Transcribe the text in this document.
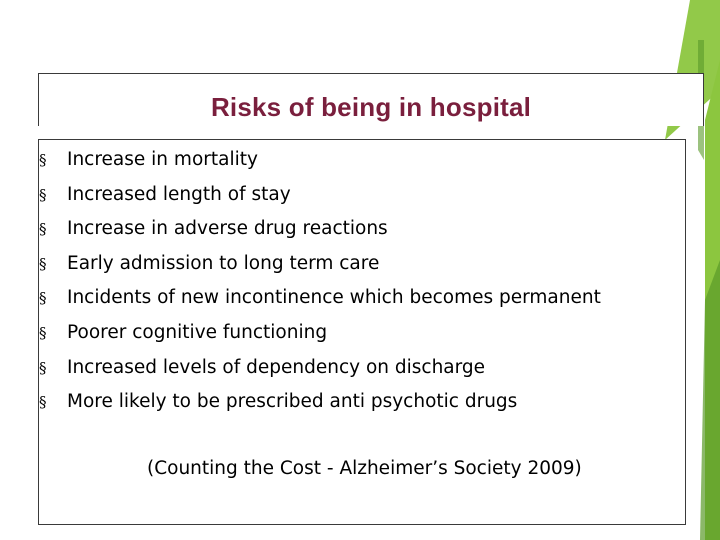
Risks of being in hospital
§	Increase in mortality
§	Increased length of stay
§	Increase in adverse drug reactions
§	Early admission to long term care
§	Incidents of new incontinence which becomes permanent
§	Poorer cognitive functioning
§	Increased levels of dependency on discharge
§	More likely to be prescribed anti psychotic drugs
(Counting the Cost - Alzheimer’s Society 2009)
